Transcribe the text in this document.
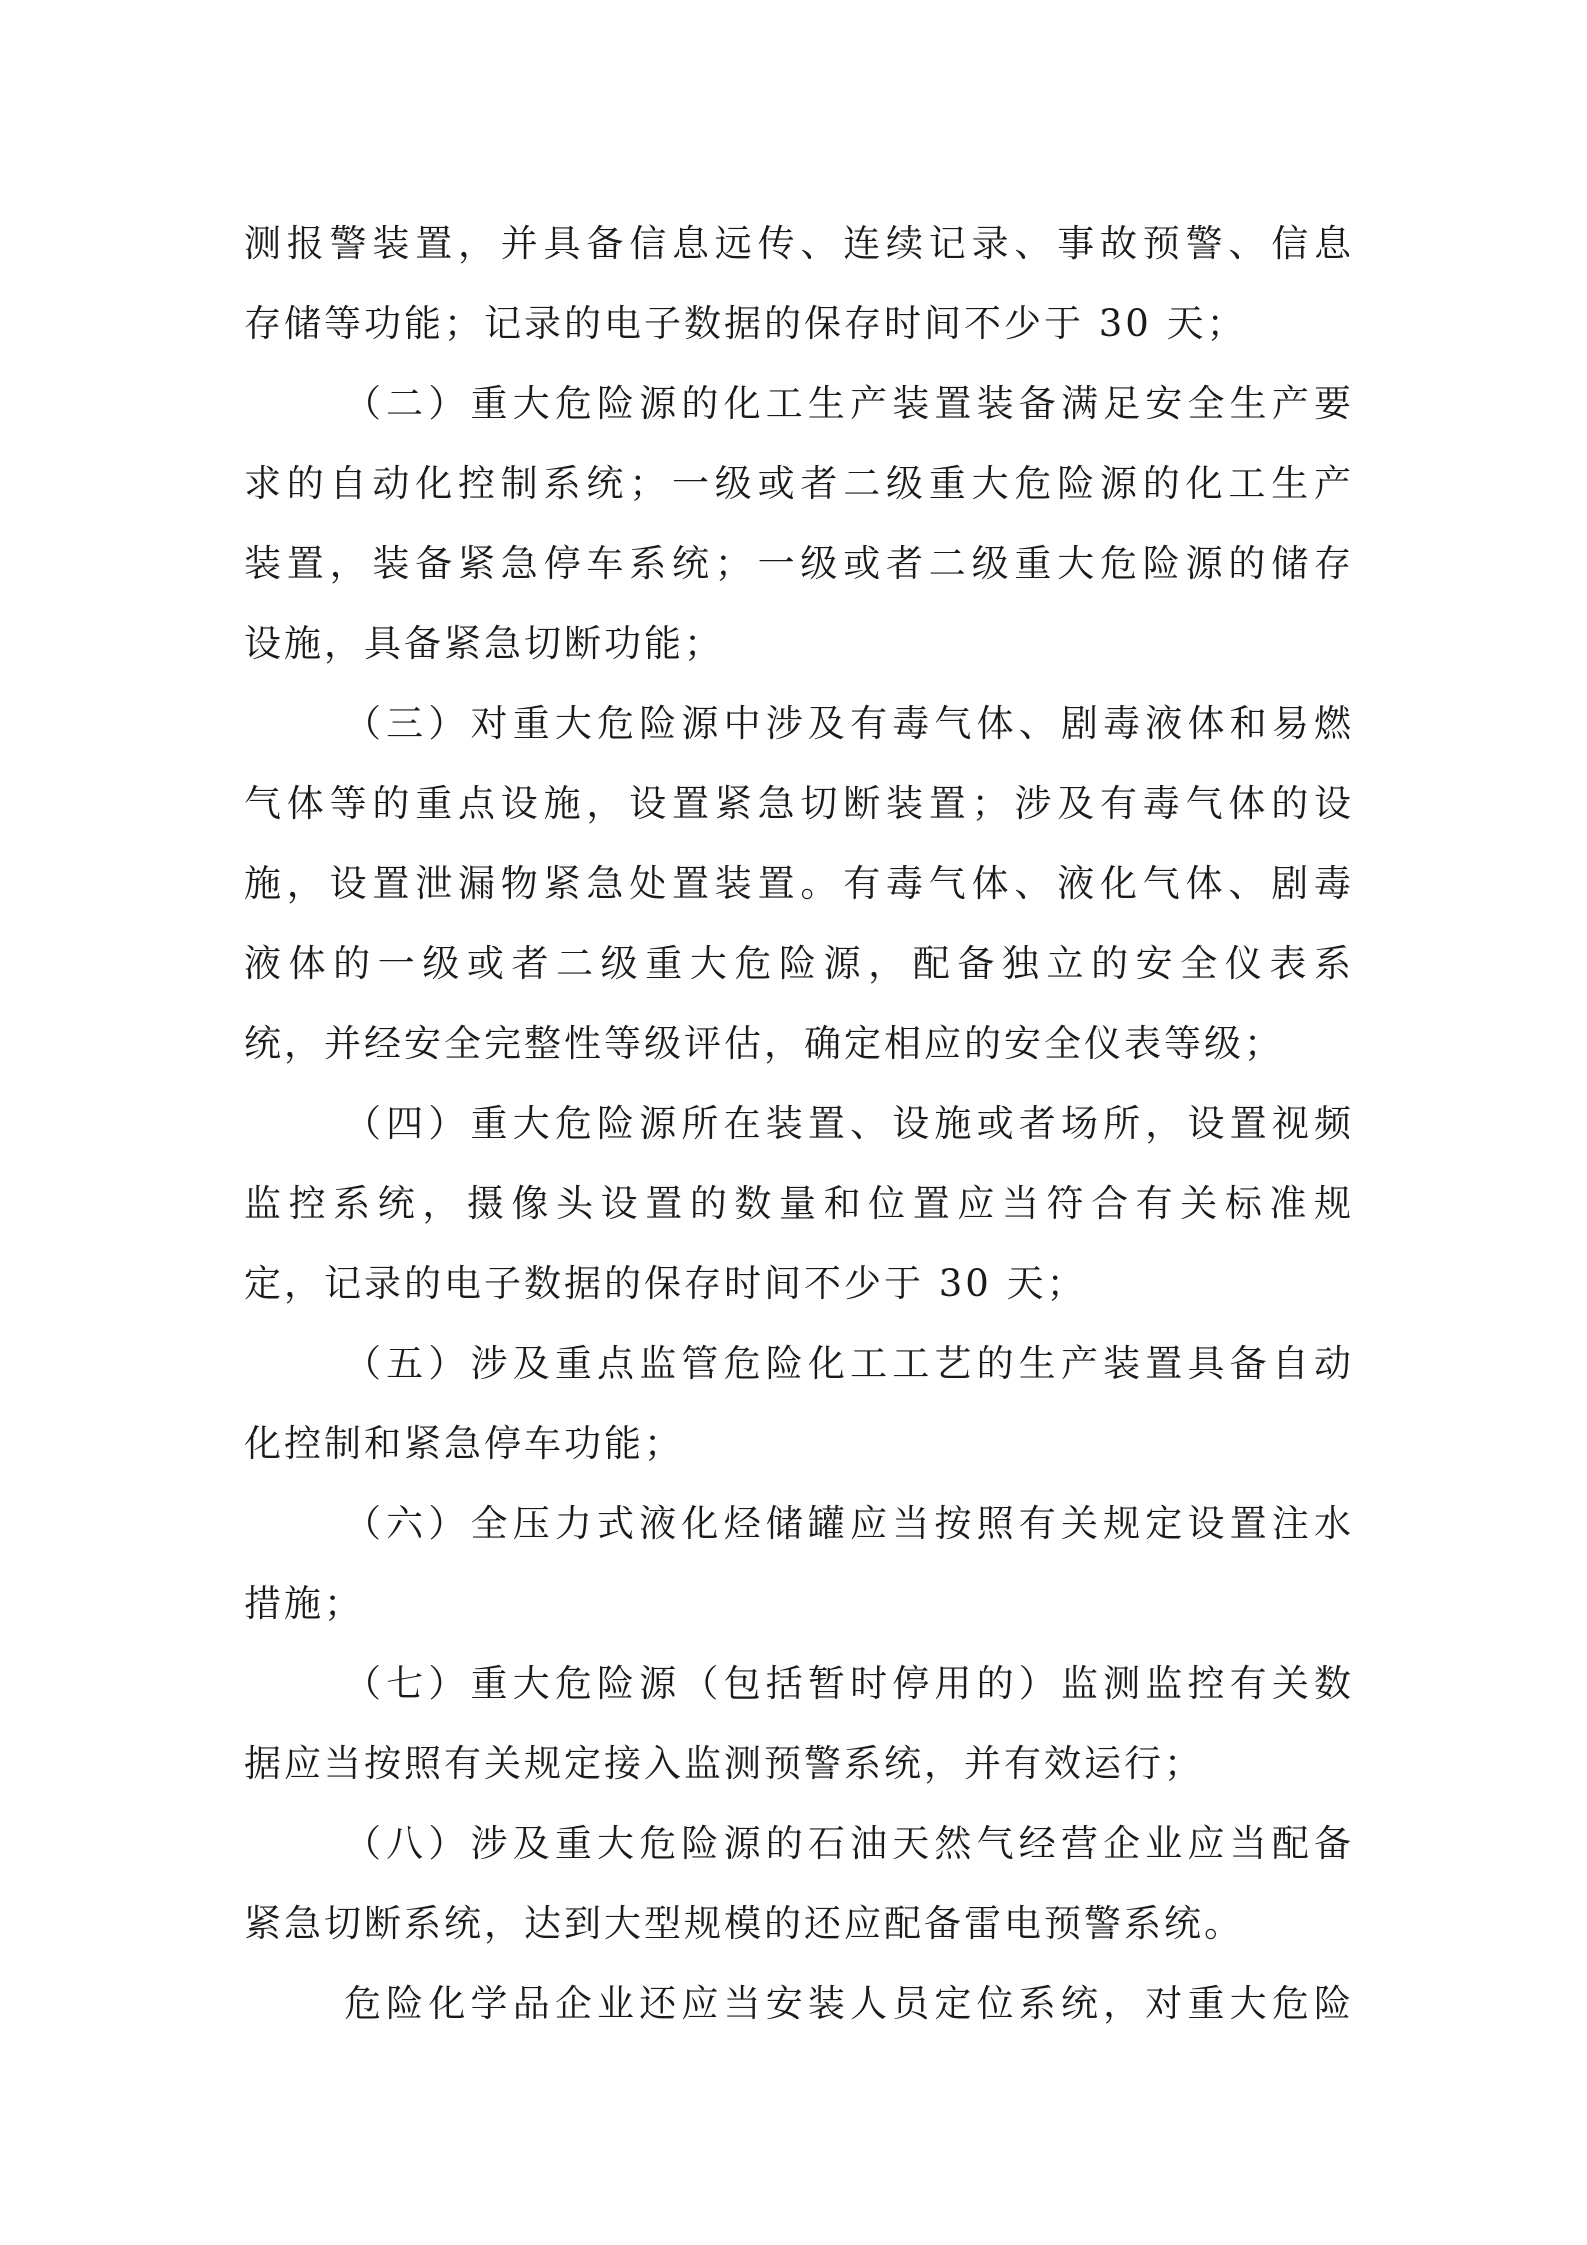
测报警装置，并具备信息远传、连续记录、事故预警、信息
存储等功能；记录的电子数据的保存时间不少于 30 天；
（二）重大危险源的化工生产装置装备满足安全生产要
求的自动化控制系统；一级或者二级重大危险源的化工生产
装置，装备紧急停车系统；一级或者二级重大危险源的储存
设施，具备紧急切断功能；
（三）对重大危险源中涉及有毒气体、剧毒液体和易燃
气体等的重点设施，设置紧急切断装置；涉及有毒气体的设
施，设置泄漏物紧急处置装置。有毒气体、液化气体、剧毒
液体的一级或者二级重大危险源，配备独立的安全仪表系
统，并经安全完整性等级评估，确定相应的安全仪表等级；
（四）重大危险源所在装置、设施或者场所，设置视频
监控系统，摄像头设置的数量和位置应当符合有关标准规
定，记录的电子数据的保存时间不少于 30 天；
（五）涉及重点监管危险化工工艺的生产装置具备自动
化控制和紧急停车功能；
（六）全压力式液化烃储罐应当按照有关规定设置注水
措施；
（七）重大危险源（包括暂时停用的）监测监控有关数
据应当按照有关规定接入监测预警系统，并有效运行；
（八）涉及重大危险源的石油天然气经营企业应当配备
紧急切断系统，达到大型规模的还应配备雷电预警系统。
危险化学品企业还应当安装人员定位系统，对重大危险
